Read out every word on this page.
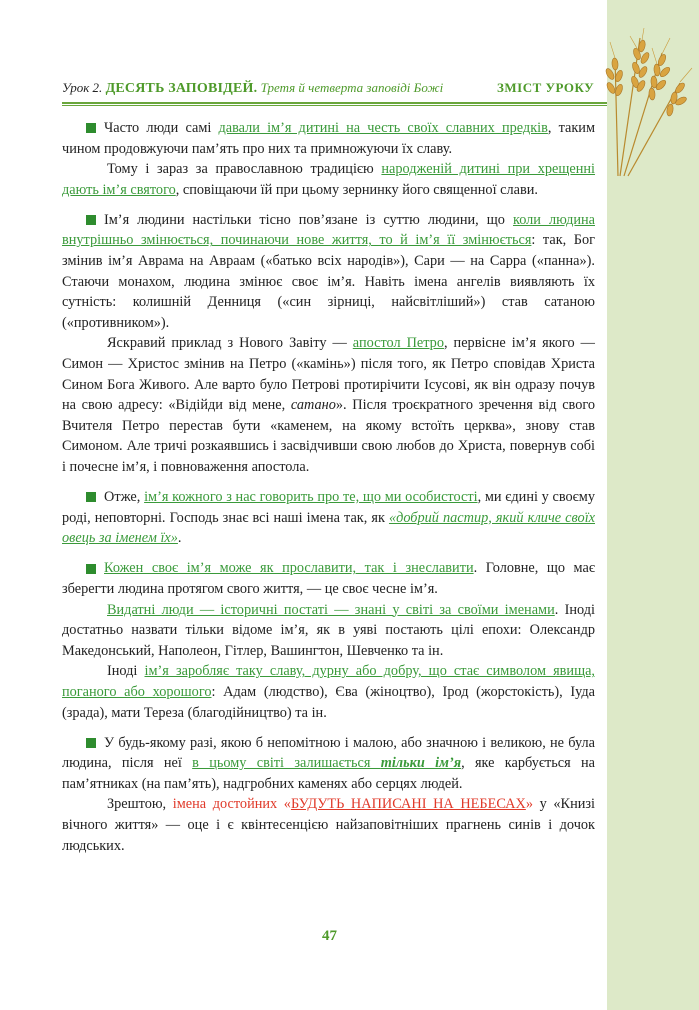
Урок 2. ДЕСЯТЬ ЗАПОВІДЕЙ. Третя й четверта заповіді Божі	ЗМІСТ УРОКУ

Часто люди самі давали ім’я дитині на честь своїх славних предків, таким чином продовжуючи пам’ять про них та примножуючи їх славу.

Тому і зараз за православною традицією народженій дитині при хрещенні дають ім’я святого, сповіщаючи їй при цьому зернинку його священної слави.

Ім’я людини настільки тісно пов’язане із суттю людини, що коли людина внутрішньо змінюється, починаючи нове життя, то й ім’я її змінюється: так, Бог змінив ім’я Аврама на Авраам («батько всіх народів»), Сари — на Сарра («панна»). Стаючи монахом, людина змінює своє ім’я. Навіть імена ангелів виявляють їх сутність: колишній Денниця («син зірниці, найсвітліший») став сатаною («противником»).

Яскравий приклад з Нового Завіту — апостол Петро, первісне ім’я якого — Симон — Христос змінив на Петро («камінь») після того, як Петро сповідав Христа Сином Бога Живого. Але варто було Петрові протирічити Ісусові, як він одразу почув на свою адресу: «Відійди від мене, сатано». Після троєкратного зречення від свого Вчителя Петро перестав бути «каменем, на якому встоїть церква», знову став Симоном. Але тричі розкаявшись і засвідчивши свою любов до Христа, повернув собі і почесне ім’я, і повноваження апостола.

Отже, ім’я кожного з нас говорить про те, що ми особистості, ми єдині у своєму роді, неповторні. Господь знає всі наші імена так, як «добрий пастир, який кличе своїх овець за іменем їх».

Кожен своє ім’я може як прославити, так і знеславити. Головне, що має зберегти людина протягом свого життя, — це своє чесне ім’я.

Видатні люди — історичні постаті — знані у світі за своїми іменами. Іноді достатньо назвати тільки відоме ім’я, як в уяві постають цілі епохи: Олександр Македонський, Наполеон, Гітлер, Вашингтон, Шевченко та ін.

Іноді ім’я заробляє таку славу, дурну або добру, що стає символом явища, поганого або хорошого: Адам (людство), Єва (жіноцтво), Ірод (жорстокість), Іуда (зрада), мати Тереза (благодійництво) та ін.

У будь-якому разі, якою б непомітною і малою, або значною і великою, не була людина, після неї в цьому світі залишається тільки ім’я, яке карбується на пам’ятниках (на пам’ять), надгробних каменях або серцях людей.

Зрештою, імена достойних «БУДУТЬ НАПИСАНІ НА НЕБЕСАХ» у «Книзі вічного життя» — оце і є квінтесенцією найзаповітніших прагнень синів і дочок людських.

47
